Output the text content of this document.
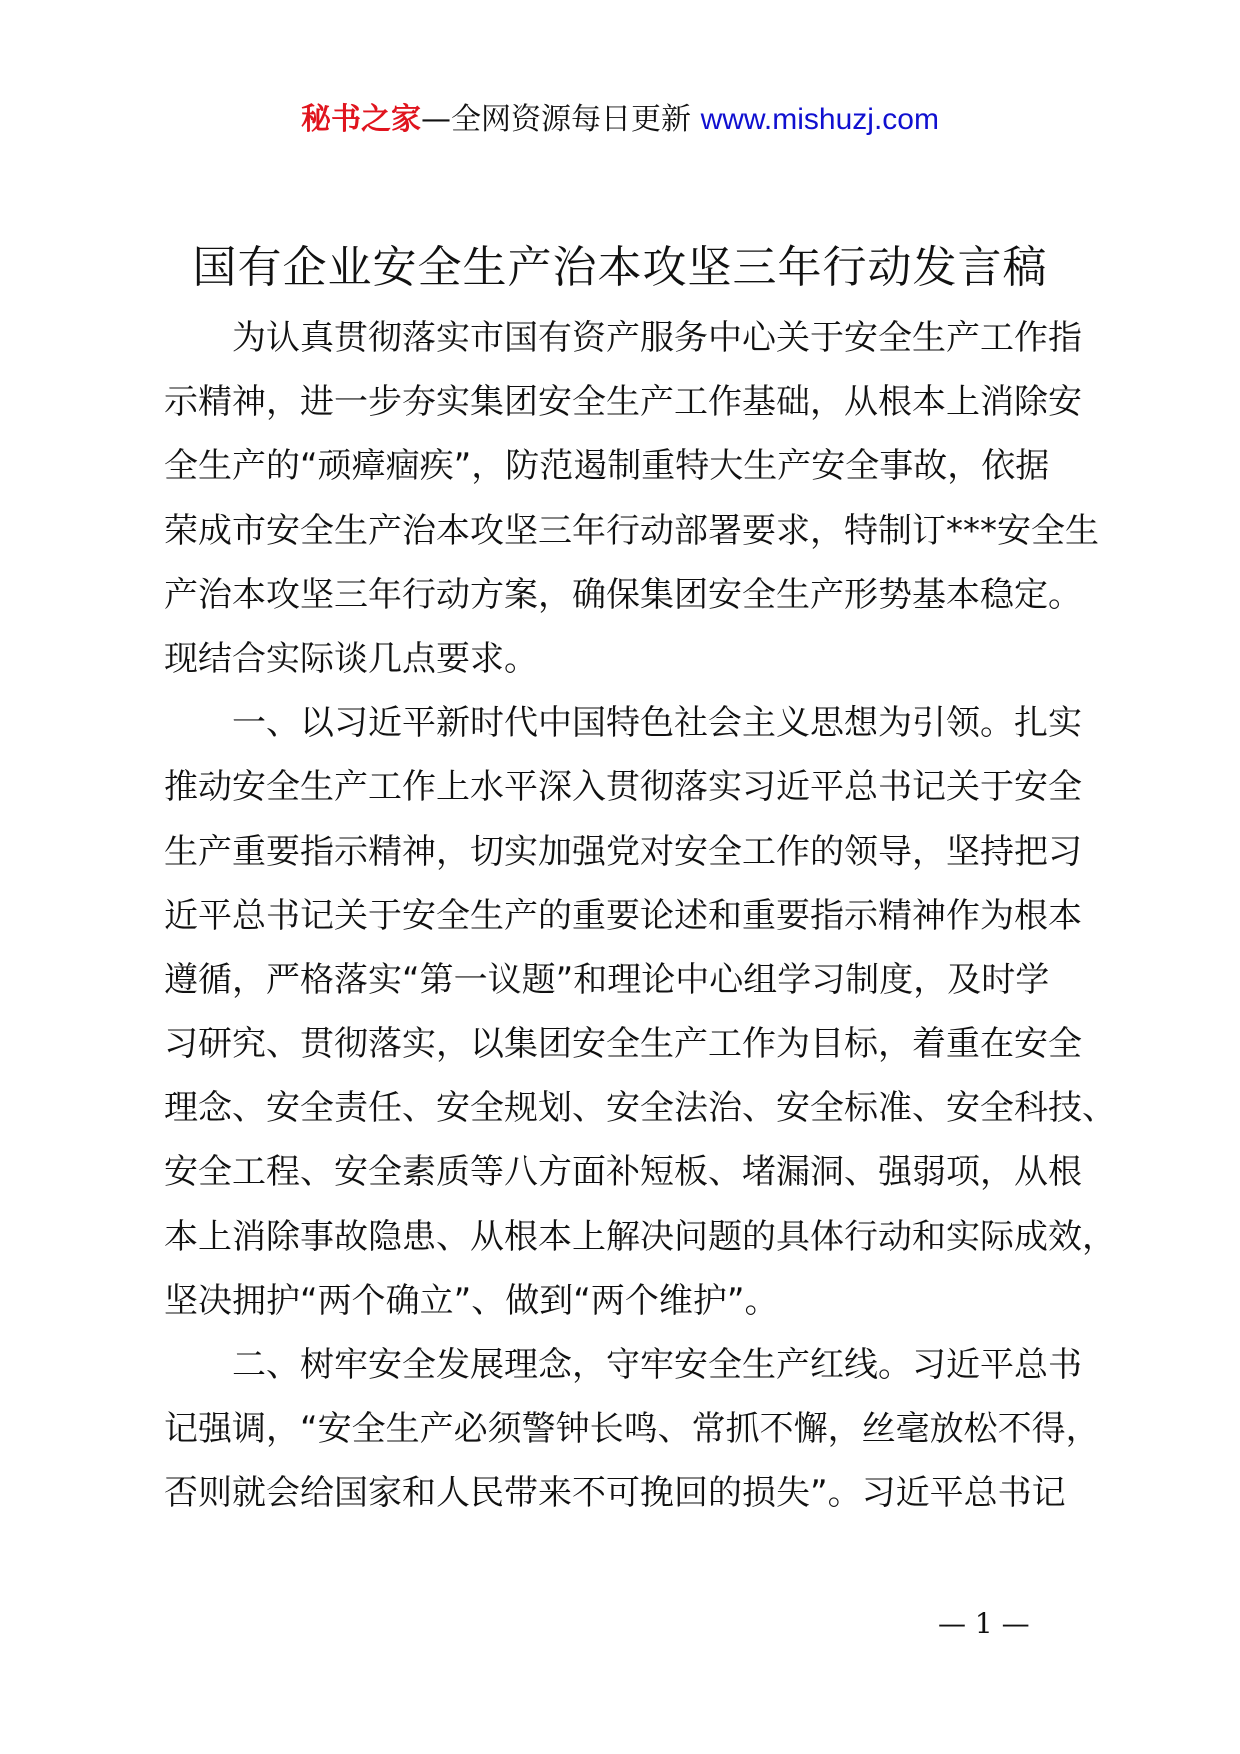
秘书之家—全网资源每日更新 www.mishuzj.com
国有企业安全生产治本攻坚三年行动发言稿
为认真贯彻落实市国有资产服务中心关于安全生产工作指
示精神，进一步夯实集团安全生产工作基础，从根本上消除安
全生产的“顽瘴痼疾”，防范遏制重特大生产安全事故，依据
荣成市安全生产治本攻坚三年行动部署要求，特制订***安全生
产治本攻坚三年行动方案，确保集团安全生产形势基本稳定。
现结合实际谈几点要求。
一、以习近平新时代中国特色社会主义思想为引领。扎实
推动安全生产工作上水平深入贯彻落实习近平总书记关于安全
生产重要指示精神，切实加强党对安全工作的领导，坚持把习
近平总书记关于安全生产的重要论述和重要指示精神作为根本
遵循，严格落实“第一议题”和理论中心组学习制度，及时学
习研究、贯彻落实，以集团安全生产工作为目标，着重在安全
理念、安全责任、安全规划、安全法治、安全标准、安全科技、
安全工程、安全素质等八方面补短板、堵漏洞、强弱项，从根
本上消除事故隐患、从根本上解决问题的具体行动和实际成效，
坚决拥护“两个确立”、做到“两个维护”。
二、树牢安全发展理念，守牢安全生产红线。习近平总书
记强调，“安全生产必须警钟长鸣、常抓不懈，丝毫放松不得，
否则就会给国家和人民带来不可挽回的损失”。习近平总书记
— 1 —
